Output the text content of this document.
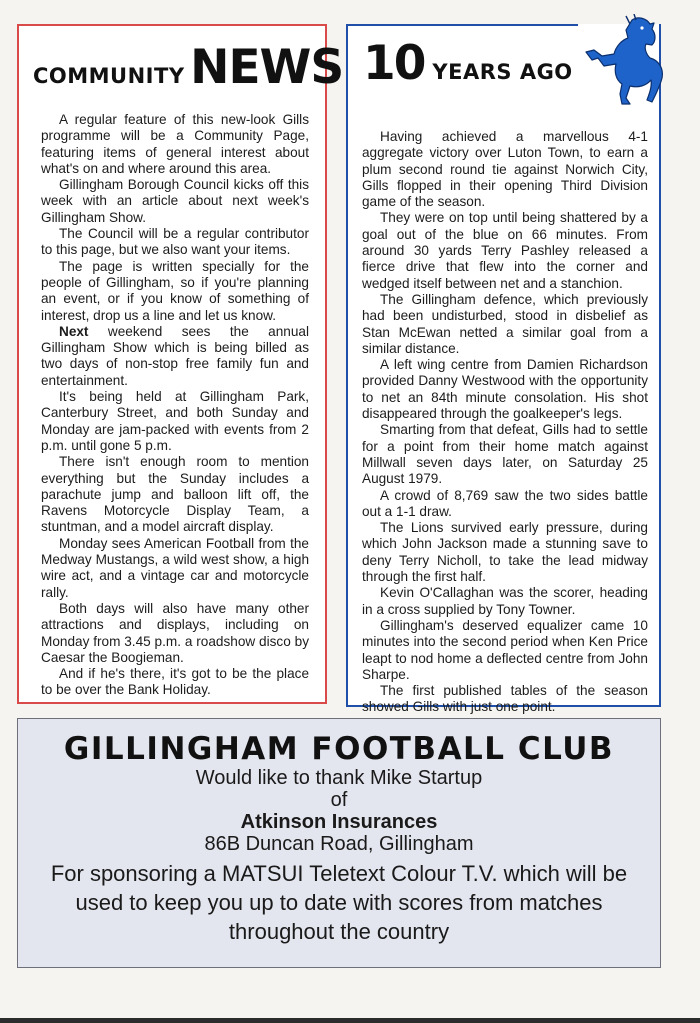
COMMUNITY NEWS

A regular feature of this new-look Gills programme will be a Community Page, featuring items of general interest about what's on and where around this area.

Gillingham Borough Council kicks off this week with an article about next week's Gillingham Show.

The Council will be a regular contributor to this page, but we also want your items.

The page is written specially for the people of Gillingham, so if you're planning an event, or if you know of something of interest, drop us a line and let us know.

Next weekend sees the annual Gillingham Show which is being billed as two days of non-stop free family fun and entertainment.

It's being held at Gillingham Park, Canterbury Street, and both Sunday and Monday are jam-packed with events from 2 p.m. until gone 5 p.m.

There isn't enough room to mention everything but the Sunday includes a parachute jump and balloon lift off, the Ravens Motorcycle Display Team, a stuntman, and a model aircraft display.

Monday sees American Football from the Medway Mustangs, a wild west show, a high wire act, and a vintage car and motorcycle rally.

Both days will also have many other attractions and displays, including on Monday from 3.45 p.m. a roadshow disco by Caesar the Boogieman.

And if he's there, it's got to be the place to be over the Bank Holiday.

10 YEARS AGO

Having achieved a marvellous 4-1 aggregate victory over Luton Town, to earn a plum second round tie against Norwich City, Gills flopped in their opening Third Division game of the season.

They were on top until being shattered by a goal out of the blue on 66 minutes. From around 30 yards Terry Pashley released a fierce drive that flew into the corner and wedged itself between net and a stanchion.

The Gillingham defence, which previously had been undisturbed, stood in disbelief as Stan McEwan netted a similar goal from a similar distance.

A left wing centre from Damien Richardson provided Danny Westwood with the opportunity to net an 84th minute consolation. His shot disappeared through the goalkeeper's legs.

Smarting from that defeat, Gills had to settle for a point from their home match against Millwall seven days later, on Saturday 25 August 1979.

A crowd of 8,769 saw the two sides battle out a 1-1 draw.

The Lions survived early pressure, during which John Jackson made a stunning save to deny Terry Nicholl, to take the lead midway through the first half.

Kevin O'Callaghan was the scorer, heading in a cross supplied by Tony Towner.

Gillingham's deserved equalizer came 10 minutes into the second period when Ken Price leapt to nod home a deflected centre from John Sharpe.

The first published tables of the season showed Gills with just one point.

GILLINGHAM FOOTBALL CLUB
Would like to thank Mike Startup
of
Atkinson Insurances
86B Duncan Road, Gillingham
For sponsoring a MATSUI Teletext Colour T.V. which will be used to keep you up to date with scores from matches throughout the country
